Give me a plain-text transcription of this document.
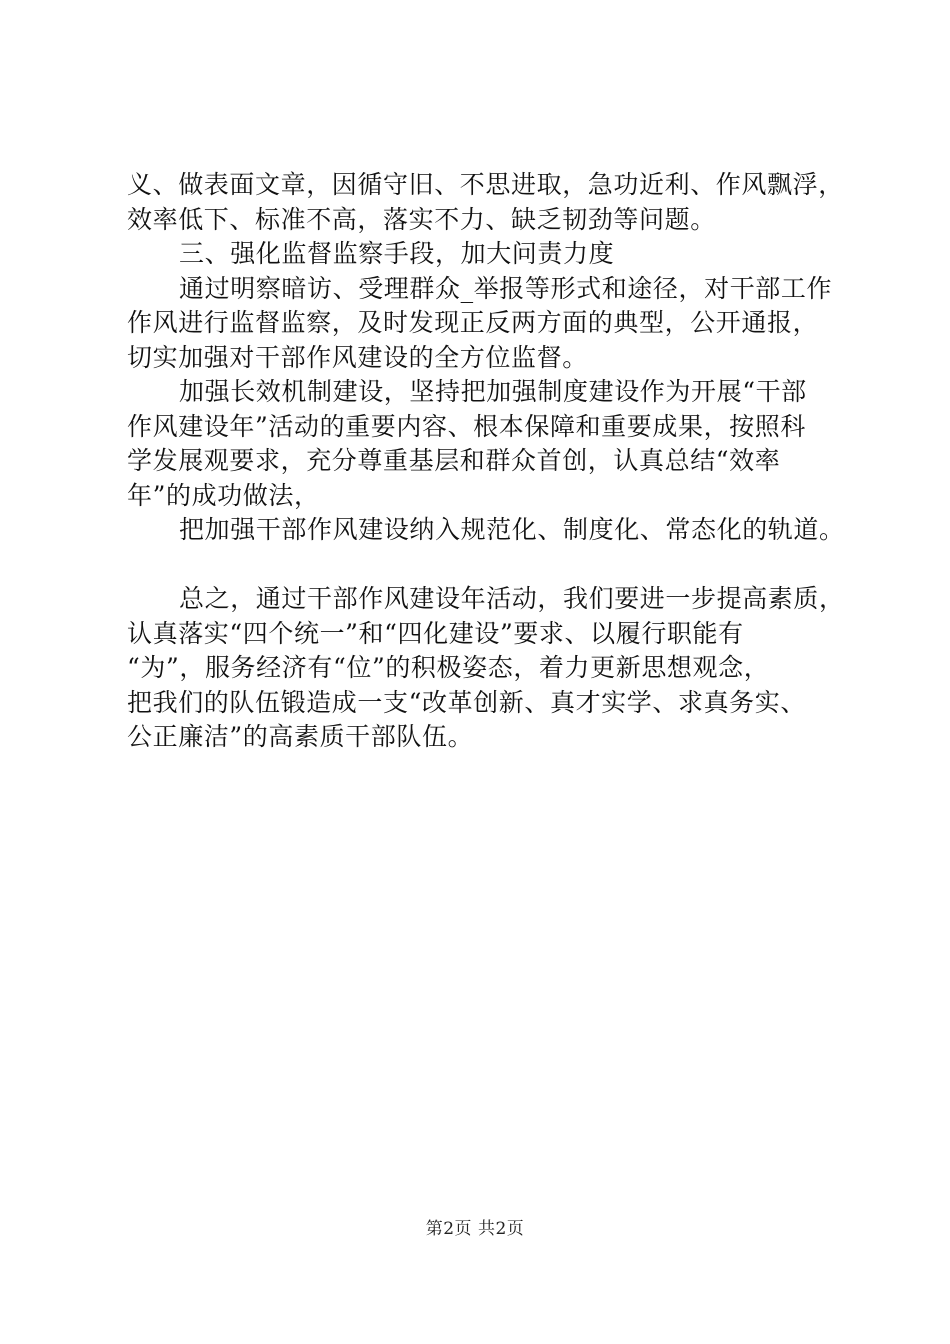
义、做表面文章，因循守旧、不思进取，急功近利、作风飘浮，
效率低下、标准不高，落实不力、缺乏韧劲等问题。
三、强化监督监察手段，加大问责力度
通过明察暗访、受理群众_举报等形式和途径，对干部工作
作风进行监督监察，及时发现正反两方面的典型，公开通报，
切实加强对干部作风建设的全方位监督。
加强长效机制建设，坚持把加强制度建设作为开展“干部
作风建设年”活动的重要内容、根本保障和重要成果，按照科
学发展观要求，充分尊重基层和群众首创，认真总结“效率
年”的成功做法，
把加强干部作风建设纳入规范化、制度化、常态化的轨道。
总之，通过干部作风建设年活动，我们要进一步提高素质，
认真落实“四个统一”和“四化建设”要求、以履行职能有
“为”，服务经济有“位”的积极姿态，着力更新思想观念，
把我们的队伍锻造成一支“改革创新、真才实学、求真务实、
公正廉洁”的高素质干部队伍。
第2页 共2页
